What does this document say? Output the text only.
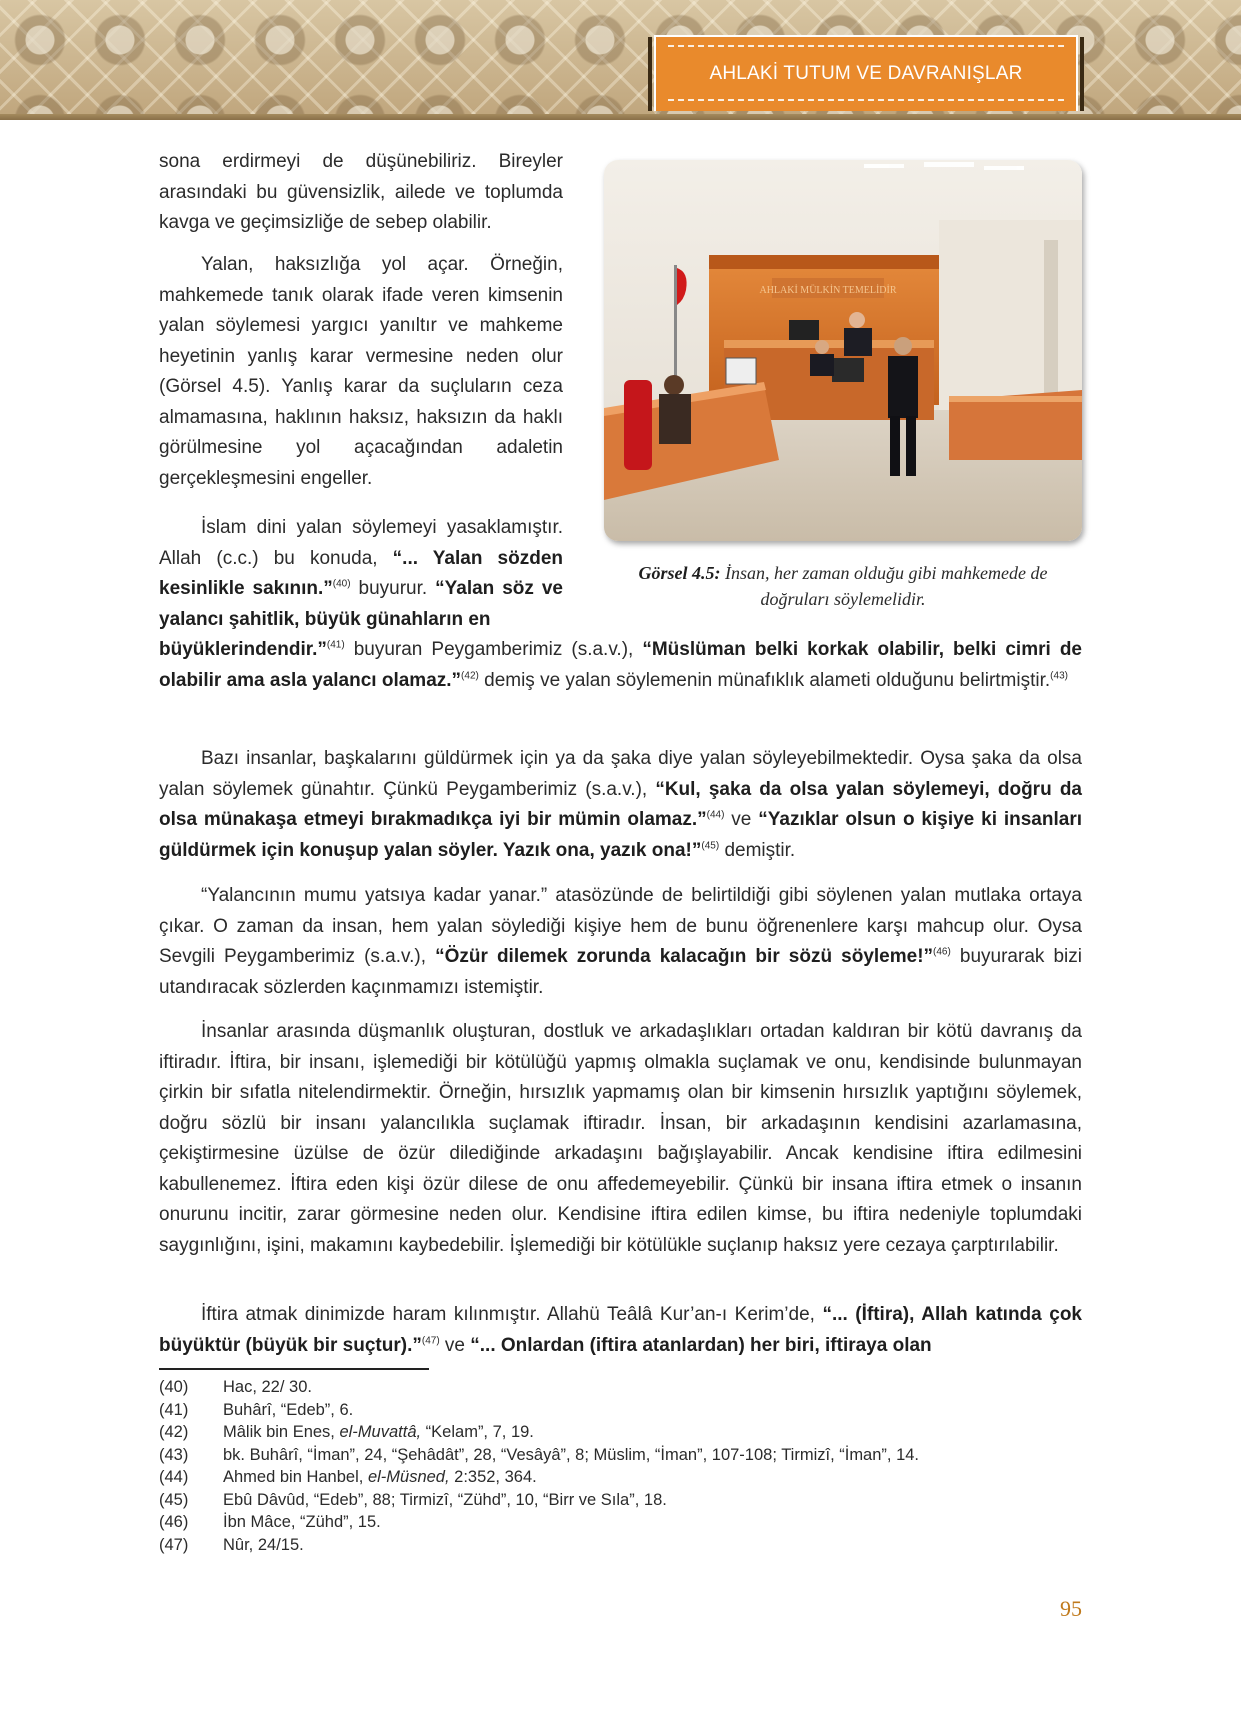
AHLAKİ TUTUM VE DAVRANIŞLAR

sona erdirmeyi de düşünebiliriz. Bireyler arasındaki bu güvensizlik, ailede ve toplumda kavga ve geçimsizliğe de sebep olabilir.

Yalan, haksızlığa yol açar. Örneğin, mahkemede tanık olarak ifade veren kimsenin yalan söylemesi yargıcı yanıltır ve mahkeme heyetinin yanlış karar vermesine neden olur (Görsel 4.5). Yanlış karar da suçluların ceza almamasına, haklının haksız, haksızın da haklı görülmesine yol açacağından adaletin gerçekleşmesini engeller.

İslam dini yalan söylemeyi yasaklamıştır. Allah (c.c.) bu konuda, “... Yalan sözden kesinlikle sakının.”$^{(40)}$ buyurur. “Yalan söz ve yalancı şahitlik, büyük günahların en

AHLAKİ MÜLKİN TEMELİDİR
Görsel 4.5: İnsan, her zaman olduğu gibi mahkemede de doğruları söylemelidir.

büyüklerindendir.”$^{(41)}$ buyuran Peygamberimiz (s.a.v.), “Müslüman belki korkak olabilir, belki cimri de olabilir ama asla yalancı olamaz.”$^{(42)}$ demiş ve yalan söylemenin münafıklık alameti olduğunu belirtmiştir.$^{(43)}$

Bazı insanlar, başkalarını güldürmek için ya da şaka diye yalan söyleyebilmektedir. Oysa şaka da olsa yalan söylemek günahtır. Çünkü Peygamberimiz (s.a.v.), “Kul, şaka da olsa yalan söylemeyi, doğru da olsa münakaşa etmeyi bırakmadıkça iyi bir mümin olamaz.”$^{(44)}$ ve “Yazıklar olsun o kişiye ki insanları güldürmek için konuşup yalan söyler. Yazık ona, yazık ona!”$^{(45)}$ demiştir.

“Yalancının mumu yatsıya kadar yanar.” atasözünde de belirtildiği gibi söylenen yalan mutlaka ortaya çıkar. O zaman da insan, hem yalan söylediği kişiye hem de bunu öğrenenlere karşı mahcup olur. Oysa Sevgili Peygamberimiz (s.a.v.), “Özür dilemek zorunda kalacağın bir sözü söyleme!”$^{(46)}$ buyurarak bizi utandıracak sözlerden kaçınmamızı istemiştir.

İnsanlar arasında düşmanlık oluşturan, dostluk ve arkadaşlıkları ortadan kaldıran bir kötü davranış da iftiradır. İftira, bir insanı, işlemediği bir kötülüğü yapmış olmakla suçlamak ve onu, kendisinde bulunmayan çirkin bir sıfatla nitelendirmektir. Örneğin, hırsızlık yapmamış olan bir kimsenin hırsızlık yaptığını söylemek, doğru sözlü bir insanı yalancılıkla suçlamak iftiradır. İnsan, bir arkadaşının kendisini azarlamasına, çekiştirmesine üzülse de özür dilediğinde arkadaşını bağışlayabilir. Ancak kendisine iftira edilmesini kabullenemez. İftira eden kişi özür dilese de onu affedemeyebilir. Çünkü bir insana iftira etmek o insanın onurunu incitir, zarar görmesine neden olur. Kendisine iftira edilen kimse, bu iftira nedeniyle toplumdaki saygınlığını, işini, makamını kaybedebilir. İşlemediği bir kötülükle suçlanıp haksız yere cezaya çarptırılabilir.

İftira atmak dinimizde haram kılınmıştır. Allahü Teâlâ Kur’an-ı Kerim’de, “... (İftira), Allah katında çok büyüktür (büyük bir suçtur).”$^{(47)}$ ve “... Onlardan (iftira atanlardan) her biri, iftiraya olan

(40)	Hac, 22/ 30.
(41)	Buhârî, “Edeb”, 6.
(42)	Mâlik bin Enes, el-Muvattâ, “Kelam”, 7, 19.
(43)	bk. Buhârî, “İman”, 24, “Şehâdât”, 28, “Vesâyâ”, 8; Müslim, “İman”, 107-108; Tirmizî, “İman”, 14.
(44)	Ahmed bin Hanbel, el-Müsned, 2:352, 364.
(45)	Ebû Dâvûd, “Edeb”, 88; Tirmizî, “Zühd”, 10, “Birr ve Sıla”, 18.
(46)	İbn Mâce, “Zühd”, 15.
(47)	Nûr, 24/15.
95
